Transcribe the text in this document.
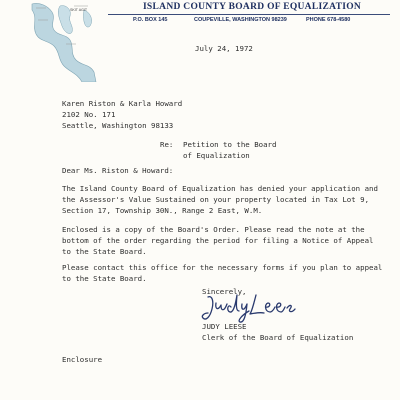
SKIT AGIT	ISLAND COUNTY BOARD OF EQUALIZATION
P.O. BOX 145	COUPEVILLE, WASHINGTON 98239	PHONE 678-4580
July 24, 1972
Karen Riston & Karla Howard
2102 No. 171
Seattle, Washington 98133
Re: Petition to the Board
of Equalization
Dear Ms. Riston & Howard:
The Island County Board of Equalization has denied your application and
the Assessor's Value Sustained on your property located in Tax Lot 9,
Section 17, Township 30N., Range 2 East, W.M.
Enclosed is a copy of the Board's Order. Please read the note at the
bottom of the order regarding the period for filing a Notice of Appeal
to the State Board.
Please contact this office for the necessary forms if you plan to appeal
to the State Board.
Sincerely,
JUDY LEESE
Clerk of the Board of Equalization
Enclosure
